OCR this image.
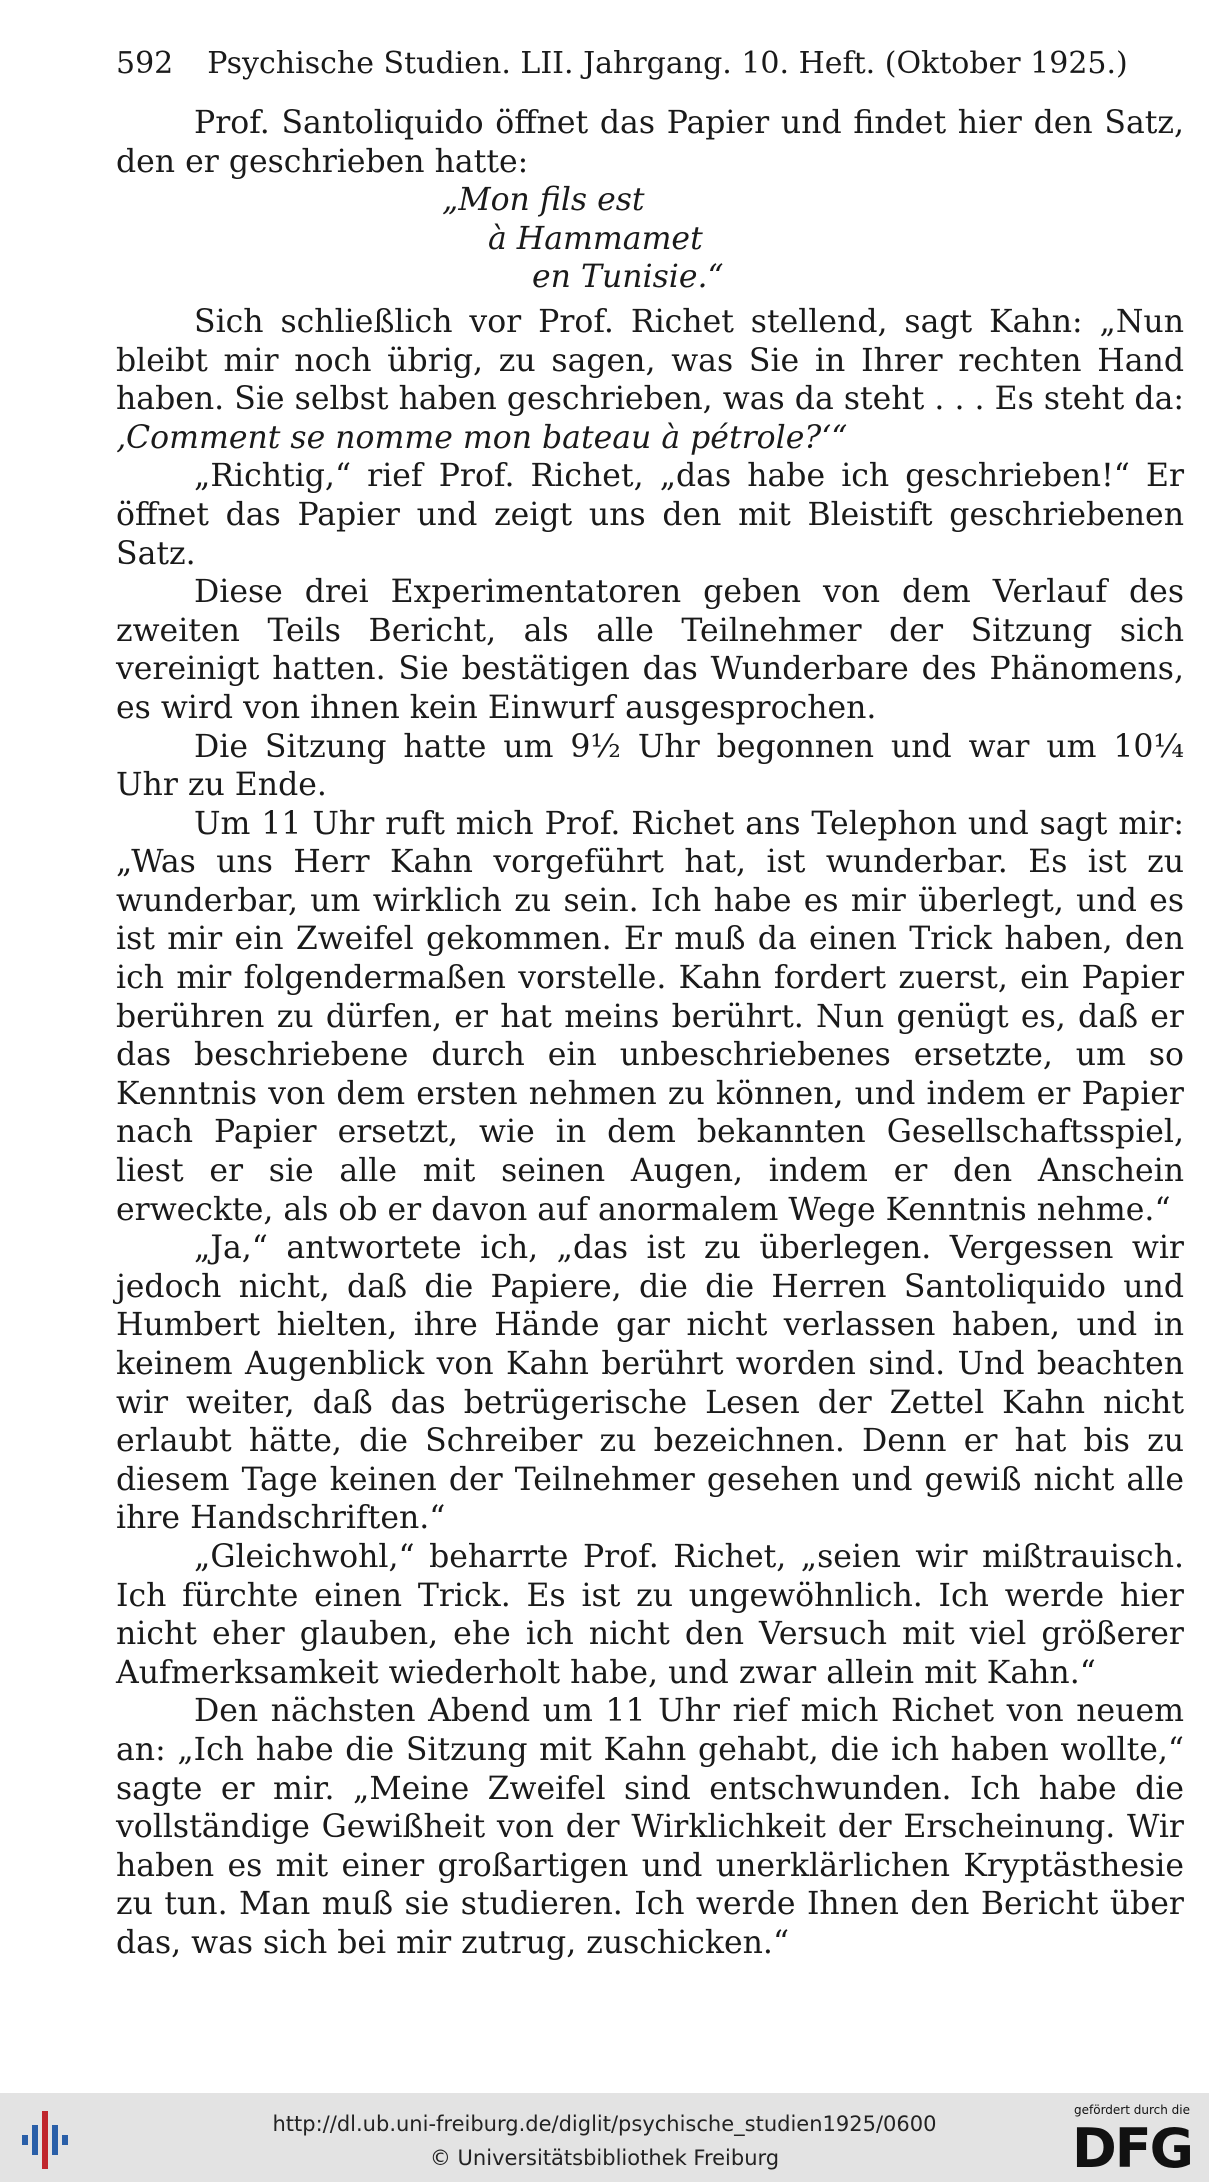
592 Psychische Studien. LII. Jahrgang. 10. Heft. (Oktober 1925.)

Prof. Santoliquido öffnet das Papier und findet hier den Satz, den er geschrieben hatte:

„Mon fils est
à Hammamet
en Tunisie.“

Sich schließlich vor Prof. Richet stellend, sagt Kahn: „Nun bleibt mir noch übrig, zu sagen, was Sie in Ihrer rechten Hand haben. Sie selbst haben geschrieben, was da steht . . . Es steht da: ‚Comment se nomme mon bateau à pétrole?‘“

„Richtig,“ rief Prof. Richet, „das habe ich geschrieben!“ Er öffnet das Papier und zeigt uns den mit Bleistift geschriebenen Satz.

Diese drei Experimentatoren geben von dem Verlauf des zweiten Teils Bericht, als alle Teilnehmer der Sitzung sich vereinigt hatten. Sie bestätigen das Wunderbare des Phänomens, es wird von ihnen kein Einwurf ausgesprochen.

Die Sitzung hatte um 9½ Uhr begonnen und war um 10¼ Uhr zu Ende.

Um 11 Uhr ruft mich Prof. Richet ans Telephon und sagt mir: „Was uns Herr Kahn vorgeführt hat, ist wunderbar. Es ist zu wunderbar, um wirklich zu sein. Ich habe es mir überlegt, und es ist mir ein Zweifel gekommen. Er muß da einen Trick haben, den ich mir folgendermaßen vorstelle. Kahn fordert zuerst, ein Papier berühren zu dürfen, er hat meins berührt. Nun genügt es, daß er das beschriebene durch ein unbeschriebenes ersetzte, um so Kenntnis von dem ersten nehmen zu können, und indem er Papier nach Papier ersetzt, wie in dem bekannten Gesellschaftsspiel, liest er sie alle mit seinen Augen, indem er den Anschein erweckte, als ob er davon auf anormalem Wege Kenntnis nehme.“

„Ja,“ antwortete ich, „das ist zu überlegen. Vergessen wir jedoch nicht, daß die Papiere, die die Herren Santoliquido und Humbert hielten, ihre Hände gar nicht verlassen haben, und in keinem Augenblick von Kahn berührt worden sind. Und beachten wir weiter, daß das betrügerische Lesen der Zettel Kahn nicht erlaubt hätte, die Schreiber zu bezeichnen. Denn er hat bis zu diesem Tage keinen der Teilnehmer gesehen und gewiß nicht alle ihre Handschriften.“

„Gleichwohl,“ beharrte Prof. Richet, „seien wir mißtrauisch. Ich fürchte einen Trick. Es ist zu ungewöhnlich. Ich werde hier nicht eher glauben, ehe ich nicht den Versuch mit viel größerer Aufmerksamkeit wiederholt habe, und zwar allein mit Kahn.“

Den nächsten Abend um 11 Uhr rief mich Richet von neuem an: „Ich habe die Sitzung mit Kahn gehabt, die ich haben wollte,“ sagte er mir. „Meine Zweifel sind entschwunden. Ich habe die vollständige Gewißheit von der Wirklichkeit der Erscheinung. Wir haben es mit einer großartigen und unerklärlichen Kryptästhesie zu tun. Man muß sie studieren. Ich werde Ihnen den Bericht über das, was sich bei mir zutrug, zuschicken.“

http://dl.ub.uni-freiburg.de/diglit/psychische_studien1925/0600
© Universitätsbibliothek Freiburg
gefördert durch die
DFG
